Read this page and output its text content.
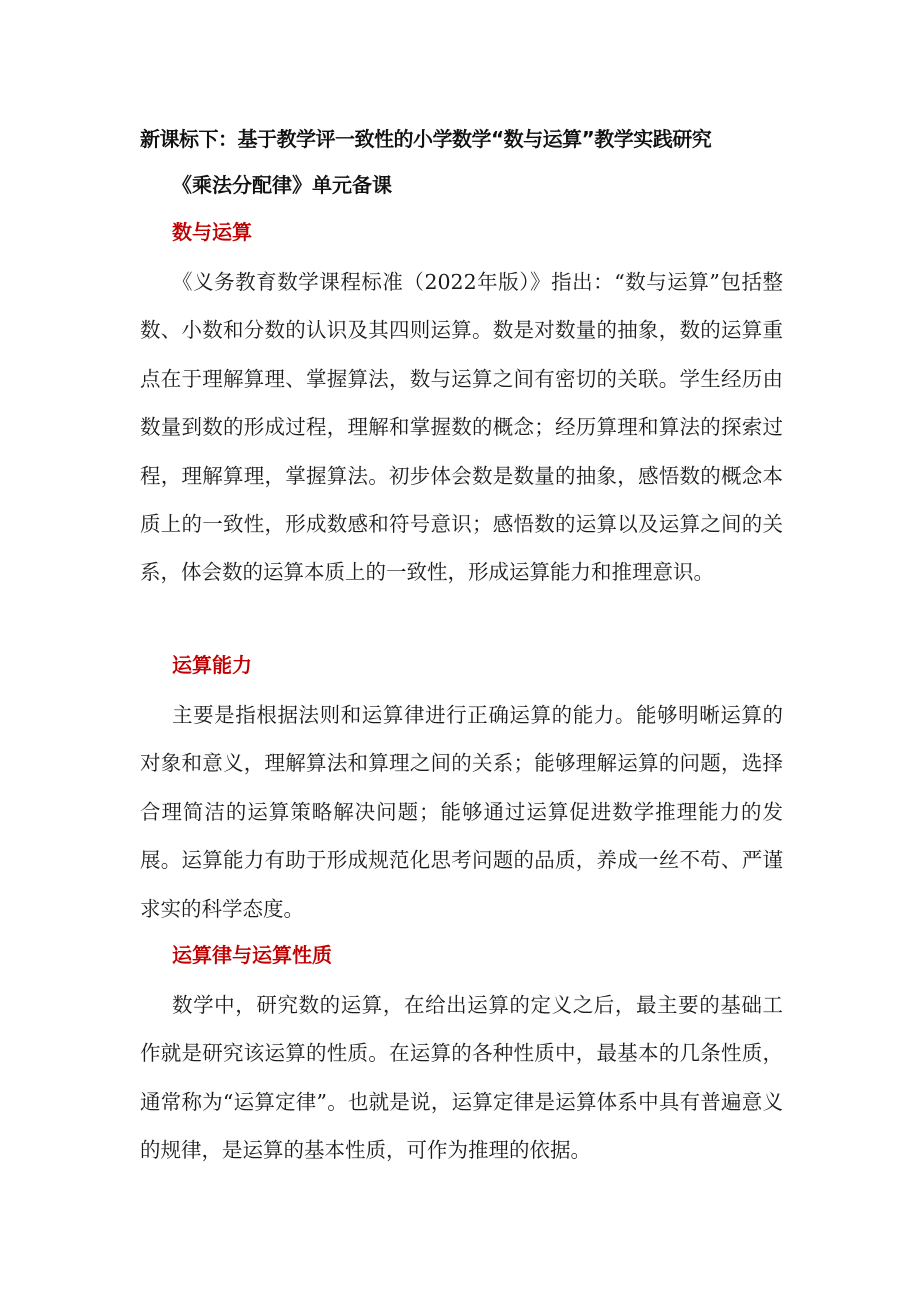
新课标下：基于教学评一致性的小学数学“数与运算”教学实践研究
《乘法分配律》单元备课
数与运算
《义务教育数学课程标准（2022年版）》指出：“数与运算”包括整数、小数和分数的认识及其四则运算。数是对数量的抽象，数的运算重点在于理解算理、掌握算法，数与运算之间有密切的关联。学生经历由数量到数的形成过程，理解和掌握数的概念；经历算理和算法的探索过程，理解算理，掌握算法。初步体会数是数量的抽象，感悟数的概念本质上的一致性，形成数感和符号意识；感悟数的运算以及运算之间的关系，体会数的运算本质上的一致性，形成运算能力和推理意识。
运算能力
主要是指根据法则和运算律进行正确运算的能力。能够明晰运算的对象和意义，理解算法和算理之间的关系；能够理解运算的问题，选择合理简洁的运算策略解决问题；能够通过运算促进数学推理能力的发展。运算能力有助于形成规范化思考问题的品质，养成一丝不苟、严谨求实的科学态度。
运算律与运算性质
数学中，研究数的运算，在给出运算的定义之后，最主要的基础工作就是研究该运算的性质。在运算的各种性质中，最基本的几条性质，通常称为“运算定律”。也就是说，运算定律是运算体系中具有普遍意义的规律，是运算的基本性质，可作为推理的依据。
